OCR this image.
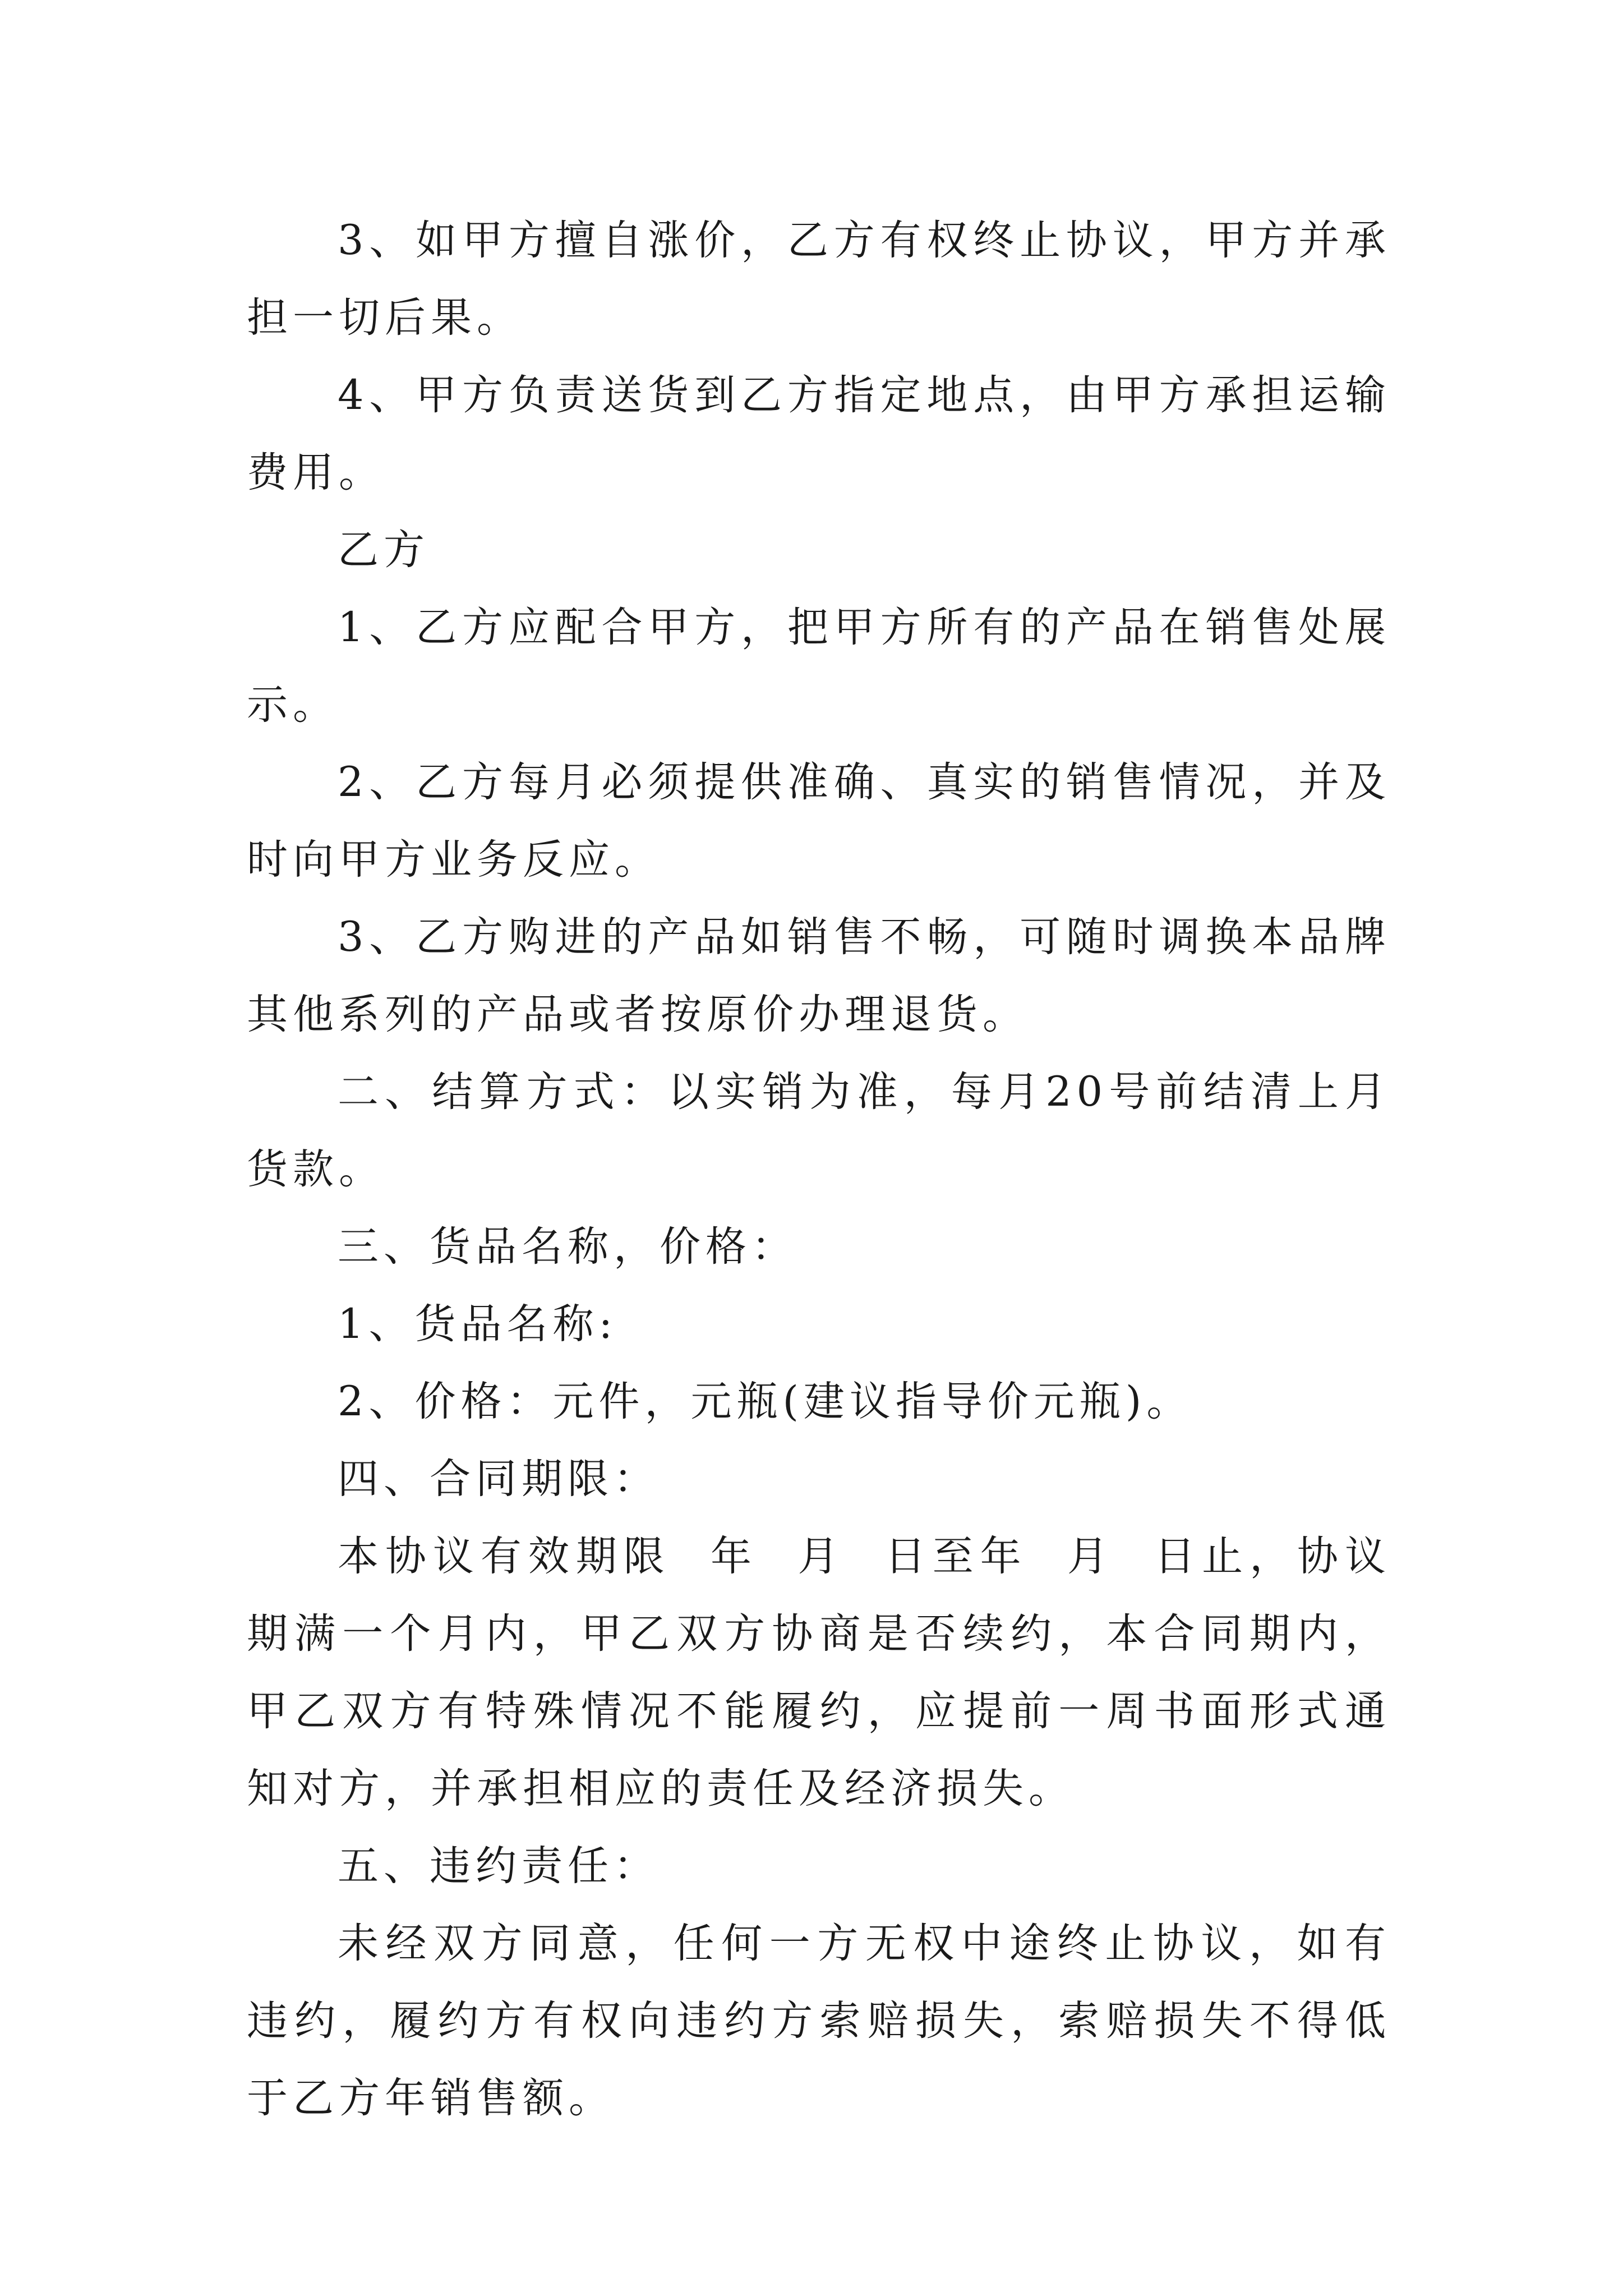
3、如甲方擅自涨价，乙方有权终止协议，甲方并承担一切后果。

4、甲方负责送货到乙方指定地点，由甲方承担运输费用。

乙方

1、乙方应配合甲方，把甲方所有的产品在销售处展示。

2、乙方每月必须提供准确、真实的销售情况，并及时向甲方业务反应。

3、乙方购进的产品如销售不畅，可随时调换本品牌其他系列的产品或者按原价办理退货。

二、结算方式：以实销为准，每月20号前结清上月货款。

三、货品名称，价格：

1、货品名称:

2、价格：元件，元瓶(建议指导价元瓶)。

四、合同期限：

本协议有效期限  年  月  日至年  月  日止，协议期满一个月内，甲乙双方协商是否续约，本合同期内，甲乙双方有特殊情况不能履约，应提前一周书面形式通知对方，并承担相应的责任及经济损失。

五、违约责任：

未经双方同意，任何一方无权中途终止协议，如有违约，履约方有权向违约方索赔损失，索赔损失不得低于乙方年销售额。
